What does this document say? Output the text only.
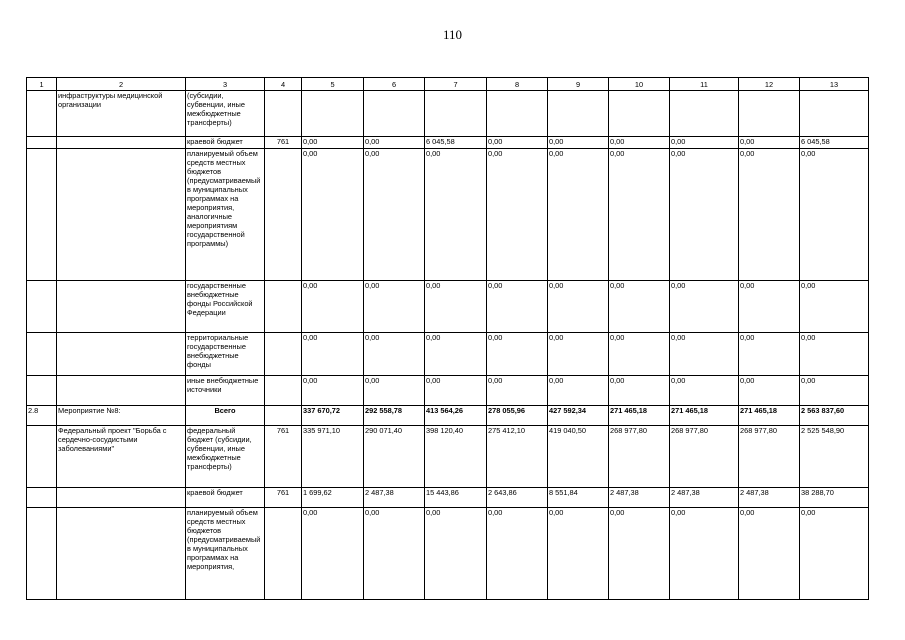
110
1	2	3	4	5	6	7	8	9	10	11	12	13
	инфраструктуры медицинской организации	(субсидии, субвенции, иные межбюджетные трансферты)										
		краевой бюджет	761	0,00	0,00	6 045,58	0,00	0,00	0,00	0,00	0,00	6 045,58
		планируемый объем средств местных бюджетов (предусматриваемый в муниципальных программах на мероприятия, аналогичные мероприятиям государственной программы)		0,00	0,00	0,00	0,00	0,00	0,00	0,00	0,00	0,00
		государственные внебюджетные фонды Российской Федерации		0,00	0,00	0,00	0,00	0,00	0,00	0,00	0,00	0,00
		территориальные государственные внебюджетные фонды		0,00	0,00	0,00	0,00	0,00	0,00	0,00	0,00	0,00
		иные внебюджетные источники		0,00	0,00	0,00	0,00	0,00	0,00	0,00	0,00	0,00
2.8	Мероприятие №8:	Всего		337 670,72	292 558,78	413 564,26	278 055,96	427 592,34	271 465,18	271 465,18	271 465,18	2 563 837,60
	Федеральный проект "Борьба с сердечно-сосудистыми заболеваниями"	федеральный бюджет (субсидии, субвенции, иные межбюджетные трансферты)	761	335 971,10	290 071,40	398 120,40	275 412,10	419 040,50	268 977,80	268 977,80	268 977,80	2 525 548,90
		краевой бюджет	761	1 699,62	2 487,38	15 443,86	2 643,86	8 551,84	2 487,38	2 487,38	2 487,38	38 288,70
		планируемый объем средств местных бюджетов (предусматриваемый в муниципальных программах на мероприятия,		0,00	0,00	0,00	0,00	0,00	0,00	0,00	0,00	0,00
